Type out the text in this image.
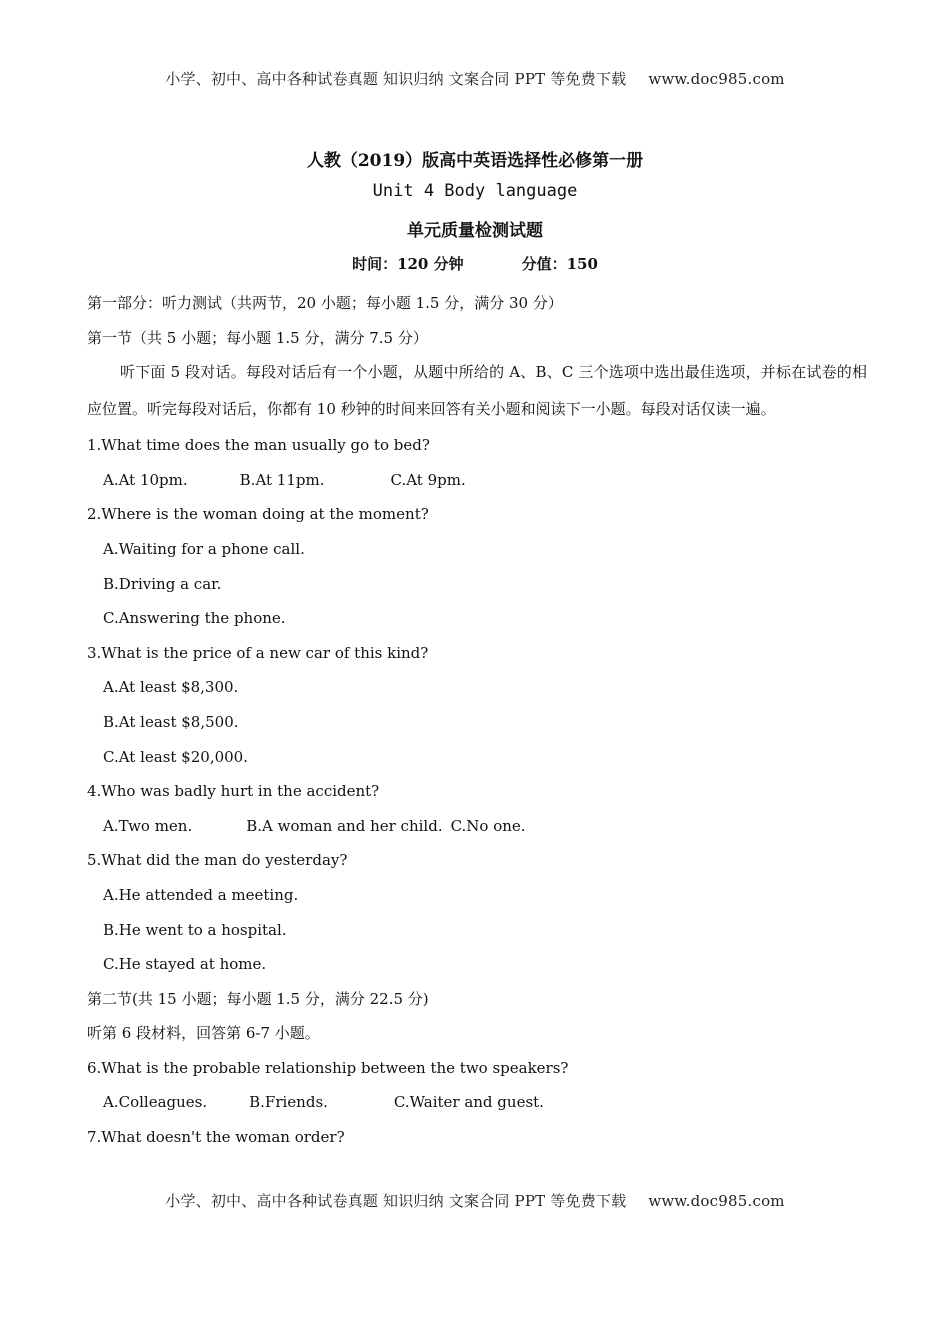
小学、初中、高中各种试卷真题 知识归纳 文案合同 PPT 等免费下载 www.doc985.com
人教（2019）版高中英语选择性必修第一册
Unit 4 Body language
单元质量检测试题
时间：120 分钟	分值：150
第一部分：听力测试（共两节，20 小题；每小题 1.5 分，满分 30 分）
第一节（共 5 小题；每小题 1.5 分，满分 7.5 分）
听下面 5 段对话。每段对话后有一个小题，从题中所给的 A、B、C 三个选项中选出最佳选项，并标在试卷的相应位置。听完每段对话后，你都有 10 秒钟的时间来回答有关小题和阅读下一小题。每段对话仅读一遍。
1.What time does the man usually go to bed?
A.At 10pm.	B.At 11pm.	C.At 9pm.
2.Where is the woman doing at the moment?
A.Waiting for a phone call.
B.Driving a car.
C.Answering the phone.
3.What is the price of a new car of this kind?
A.At least $8,300.
B.At least $8,500.
C.At least $20,000.
4.Who was badly hurt in the accident?
A.Two men.	B.A woman and her child. C.No one.
5.What did the man do yesterday?
A.He attended a meeting.
B.He went to a hospital.
C.He stayed at home.
第二节(共 15 小题；每小题 1.5 分，满分 22.5 分)
听第 6 段材料，回答第 6-7 小题。
6.What is the probable relationship between the two speakers?
A.Colleagues.	B.Friends.	C.Waiter and guest.
7.What doesn't the woman order?
小学、初中、高中各种试卷真题 知识归纳 文案合同 PPT 等免费下载 www.doc985.com
